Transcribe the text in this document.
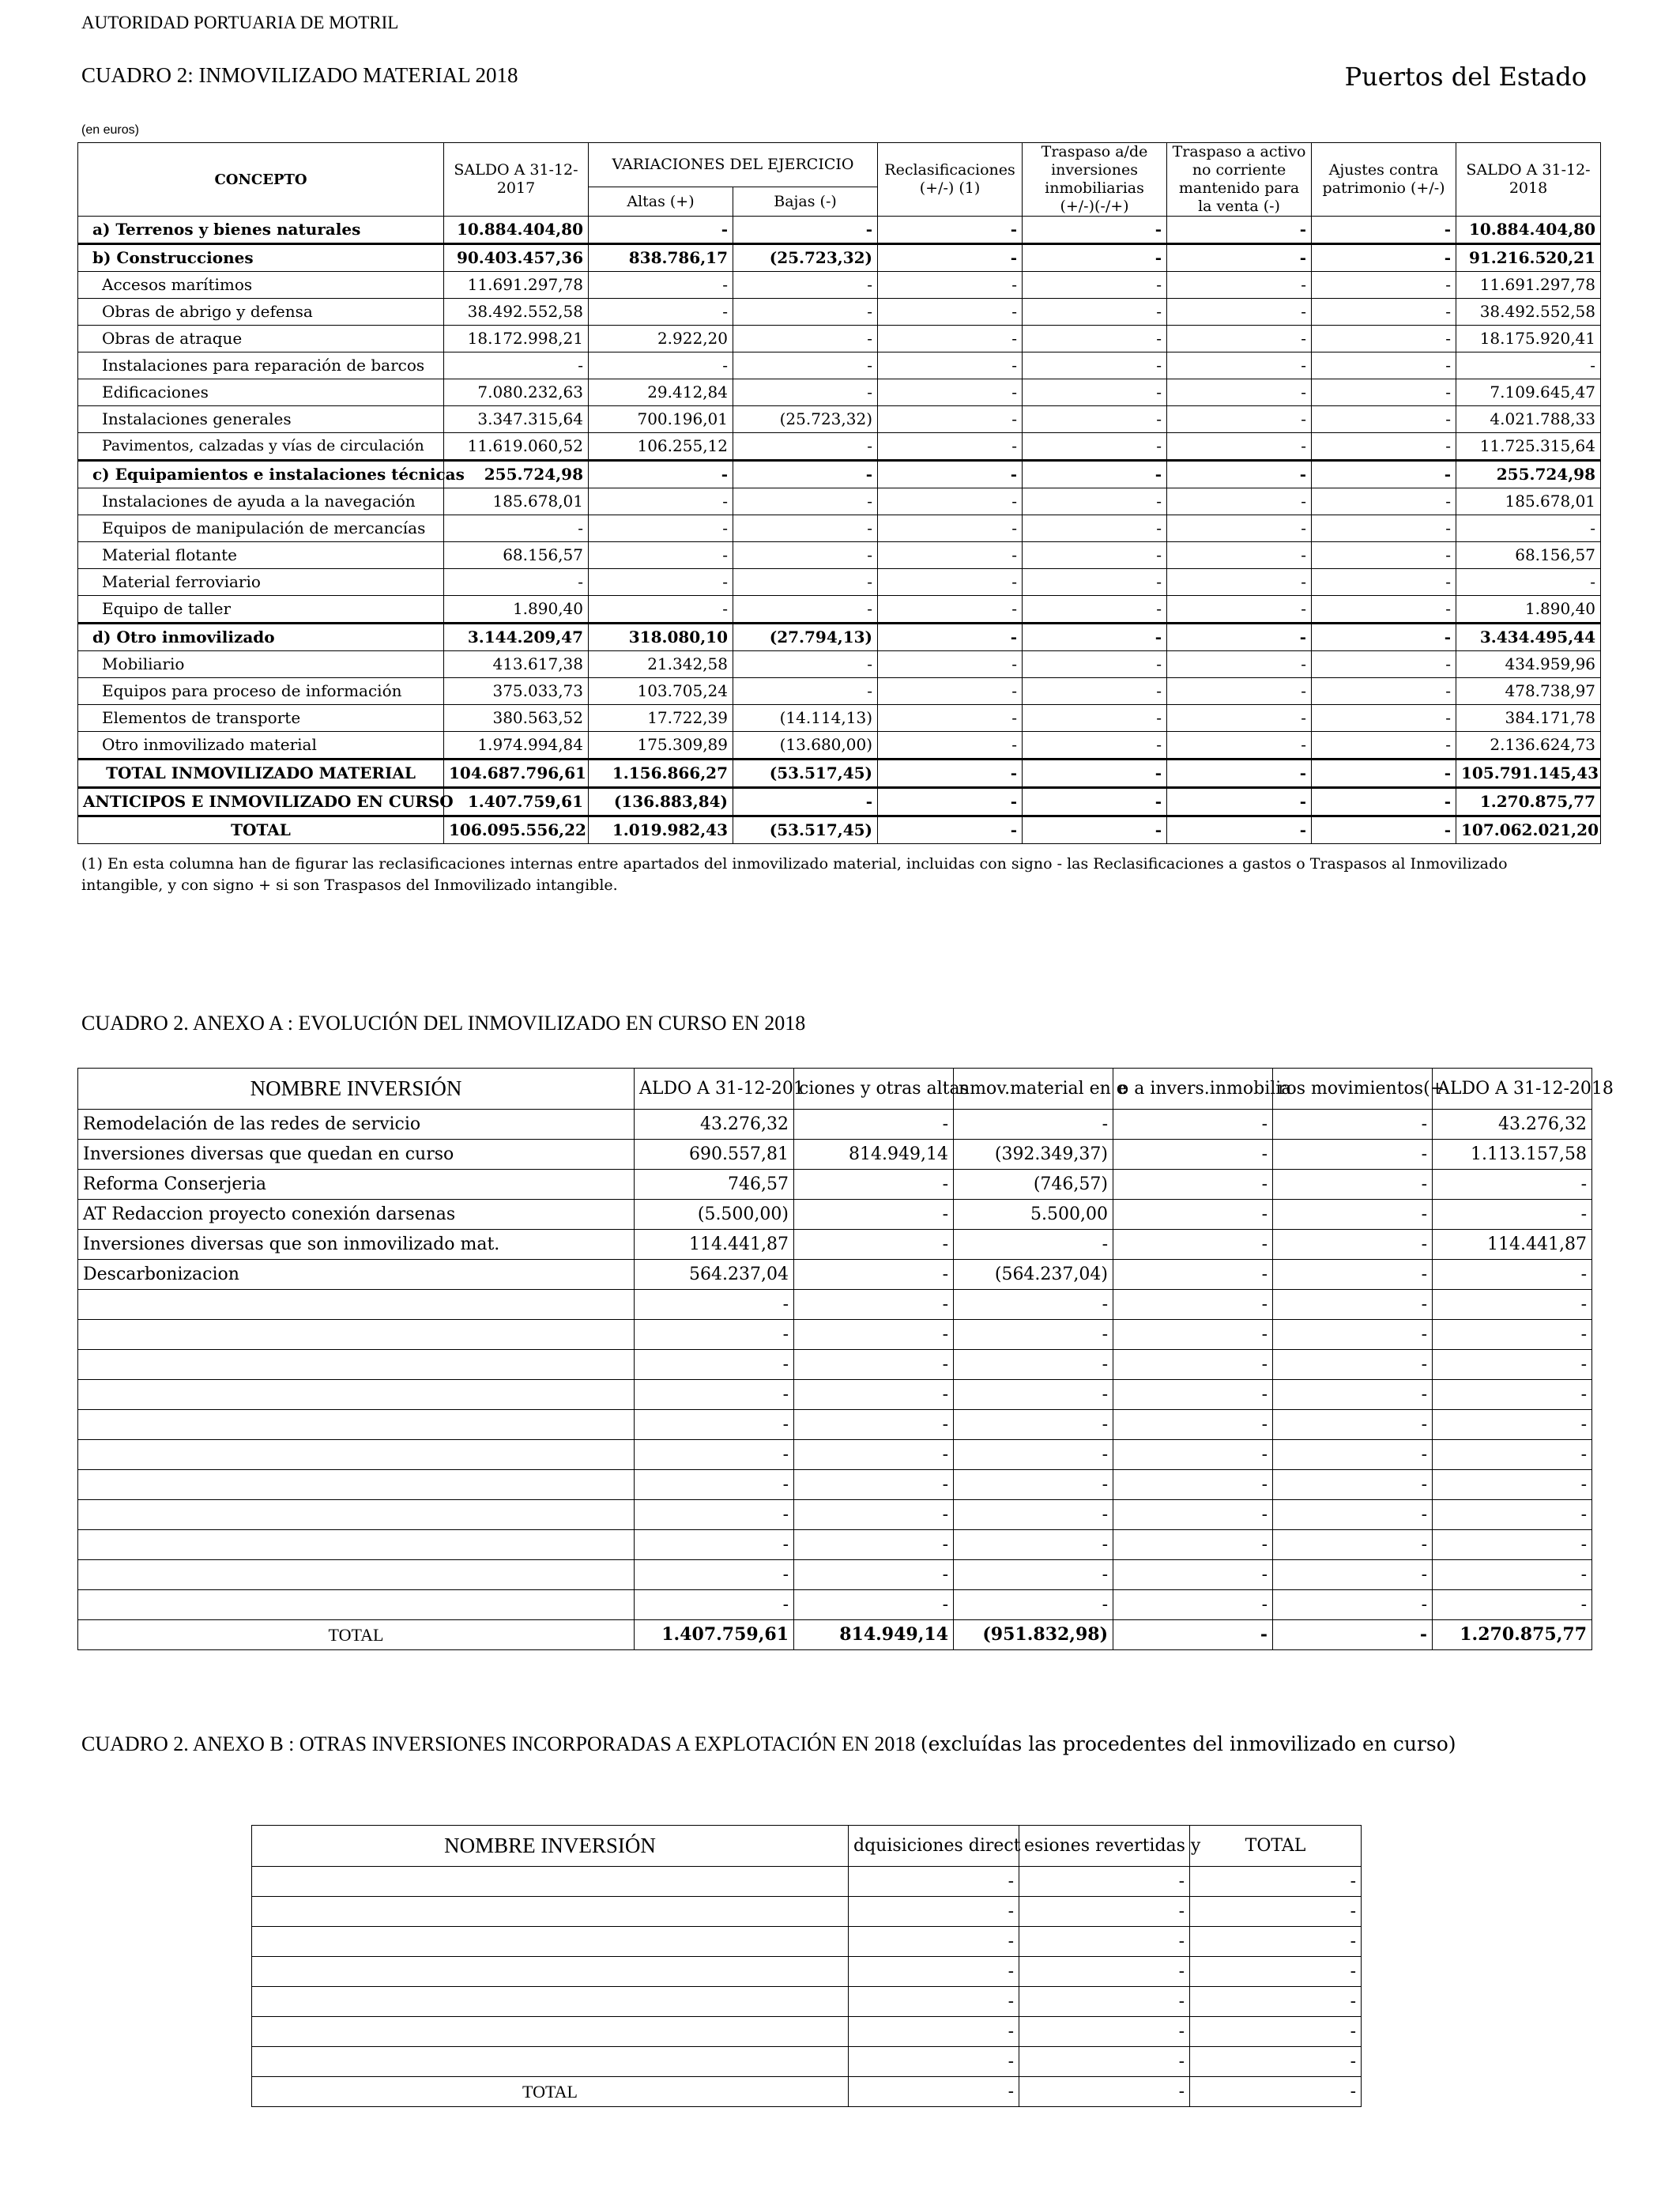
AUTORIDAD PORTUARIA DE MOTRIL
CUADRO 2: INMOVILIZADO MATERIAL 2018	Puertos del Estado
(en euros)
CONCEPTO	SALDO A 31-12-2017	VARIACIONES DEL EJERCICIO		Reclasificaciones (+/-) (1)	Traspaso a/de inversiones inmobiliarias (+/-)(-/+)	Traspaso a activo no corriente mantenido para la venta (-)	Ajustes contra patrimonio (+/-)	SALDO A 31-12-2018
		Altas (+)	Bajas (-)					
a) Terrenos y bienes naturales	10.884.404,80	-	-	-	-	-	-	10.884.404,80
b) Construcciones	90.403.457,36	838.786,17	(25.723,32)	-	-	-	-	91.216.520,21
Accesos marítimos	11.691.297,78	-	-	-	-	-	-	11.691.297,78
Obras de abrigo y defensa	38.492.552,58	-	-	-	-	-	-	38.492.552,58
Obras de atraque	18.172.998,21	2.922,20	-	-	-	-	-	18.175.920,41
Instalaciones para reparación de barcos	-	-	-	-	-	-	-	-
Edificaciones	7.080.232,63	29.412,84	-	-	-	-	-	7.109.645,47
Instalaciones generales	3.347.315,64	700.196,01	(25.723,32)	-	-	-	-	4.021.788,33
Pavimentos, calzadas y vías de circulación	11.619.060,52	106.255,12	-	-	-	-	-	11.725.315,64
c) Equipamientos e instalaciones técnicas	255.724,98	-	-	-	-	-	-	255.724,98
Instalaciones de ayuda a la navegación	185.678,01	-	-	-	-	-	-	185.678,01
Equipos de manipulación de mercancías	-	-	-	-	-	-	-	-
Material flotante	68.156,57	-	-	-	-	-	-	68.156,57
Material ferroviario	-	-	-	-	-	-	-	-
Equipo de taller	1.890,40	-	-	-	-	-	-	1.890,40
d) Otro inmovilizado	3.144.209,47	318.080,10	(27.794,13)	-	-	-	-	3.434.495,44
Mobiliario	413.617,38	21.342,58	-	-	-	-	-	434.959,96
Equipos para proceso de información	375.033,73	103.705,24	-	-	-	-	-	478.738,97
Elementos de transporte	380.563,52	17.722,39	(14.114,13)	-	-	-	-	384.171,78
Otro inmovilizado material	1.974.994,84	175.309,89	(13.680,00)	-	-	-	-	2.136.624,73
TOTAL INMOVILIZADO MATERIAL	104.687.796,61	1.156.866,27	(53.517,45)	-	-	-	-	105.791.145,43
ANTICIPOS E INMOVILIZADO EN CURSO	1.407.759,61	(136.883,84)	-	-	-	-	-	1.270.875,77
TOTAL	106.095.556,22	1.019.982,43	(53.517,45)	-	-	-	-	107.062.021,20
(1) En esta columna han de figurar las reclasificaciones internas entre apartados del inmovilizado material, incluidas con signo - las Reclasificaciones a gastos o Traspasos al Inmovilizado intangible, y con signo + si son Traspasos del Inmovilizado intangible.
CUADRO 2. ANEXO A : EVOLUCIÓN DEL INMOVILIZADO EN CURSO EN 2018
NOMBRE INVERSIÓN	ALDO A 31-12-201	ciones y otras altas	nmov.material en e	o a invers.inmobilia	ros movimientos(+	ALDO A 31-12-2018
Remodelación de las redes de servicio	43.276,32	-	-	-	-	43.276,32
Inversiones diversas que quedan en curso	690.557,81	814.949,14	(392.349,37)	-	-	1.113.157,58
Reforma Conserjeria	746,57	-	(746,57)	-	-	-
AT Redaccion proyecto conexión darsenas	(5.500,00)	-	5.500,00	-	-	-
Inversiones diversas que son inmovilizado mat.	114.441,87	-	-	-	-	114.441,87
Descarbonizacion	564.237,04	-	(564.237,04)	-	-	-
	-	-	-	-	-	-
	-	-	-	-	-	-
	-	-	-	-	-	-
	-	-	-	-	-	-
	-	-	-	-	-	-
	-	-	-	-	-	-
	-	-	-	-	-	-
	-	-	-	-	-	-
	-	-	-	-	-	-
	-	-	-	-	-	-
	-	-	-	-	-	-
TOTAL	1.407.759,61	814.949,14	(951.832,98)	-	-	1.270.875,77
CUADRO 2. ANEXO B : OTRAS INVERSIONES INCORPORADAS A EXPLOTACIÓN EN 2018 (excluídas las procedentes del inmovilizado en curso)
NOMBRE INVERSIÓN	dquisiciones direct	esiones revertidas y	TOTAL
	-	-	-
	-	-	-
	-	-	-
	-	-	-
	-	-	-
	-	-	-
	-	-	-
TOTAL	-	-	-
